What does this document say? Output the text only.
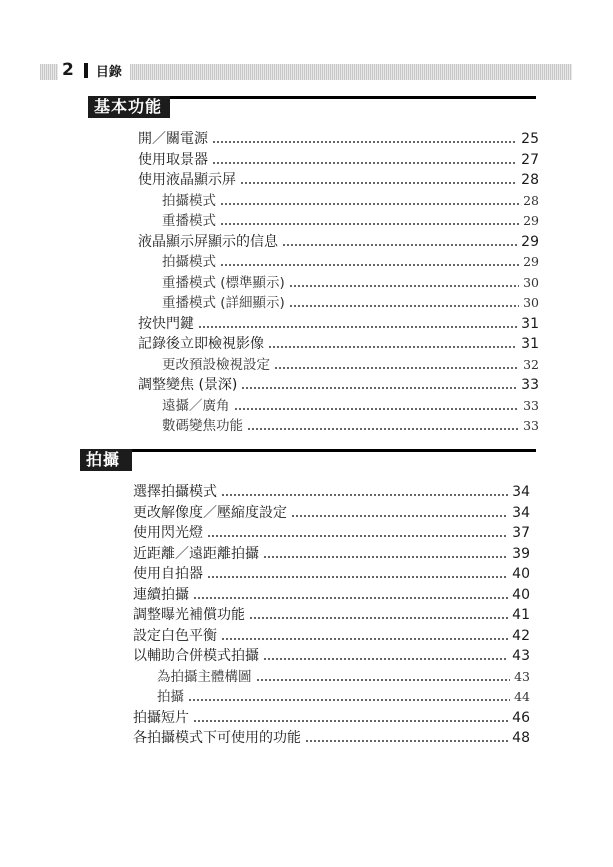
2 目錄
基本功能
拍攝
開／關電源	25
使用取景器	27
使用液晶顯示屏	28
拍攝模式	28
重播模式	29
液晶顯示屏顯示的信息	29
拍攝模式	29
重播模式 (標準顯示)	30
重播模式 (詳細顯示)	30
按快門鍵	31
記錄後立即檢視影像	31
更改預設檢視設定	32
調整變焦 (景深)	33
遠攝／廣角	33
數碼變焦功能	33
選擇拍攝模式	34
更改解像度／壓縮度設定	34
使用閃光燈	37
近距離／遠距離拍攝	39
使用自拍器	40
連續拍攝	40
調整曝光補償功能	41
設定白色平衡	42
以輔助合併模式拍攝	43
為拍攝主體構圖	43
拍攝	44
拍攝短片	46
各拍攝模式下可使用的功能	48
